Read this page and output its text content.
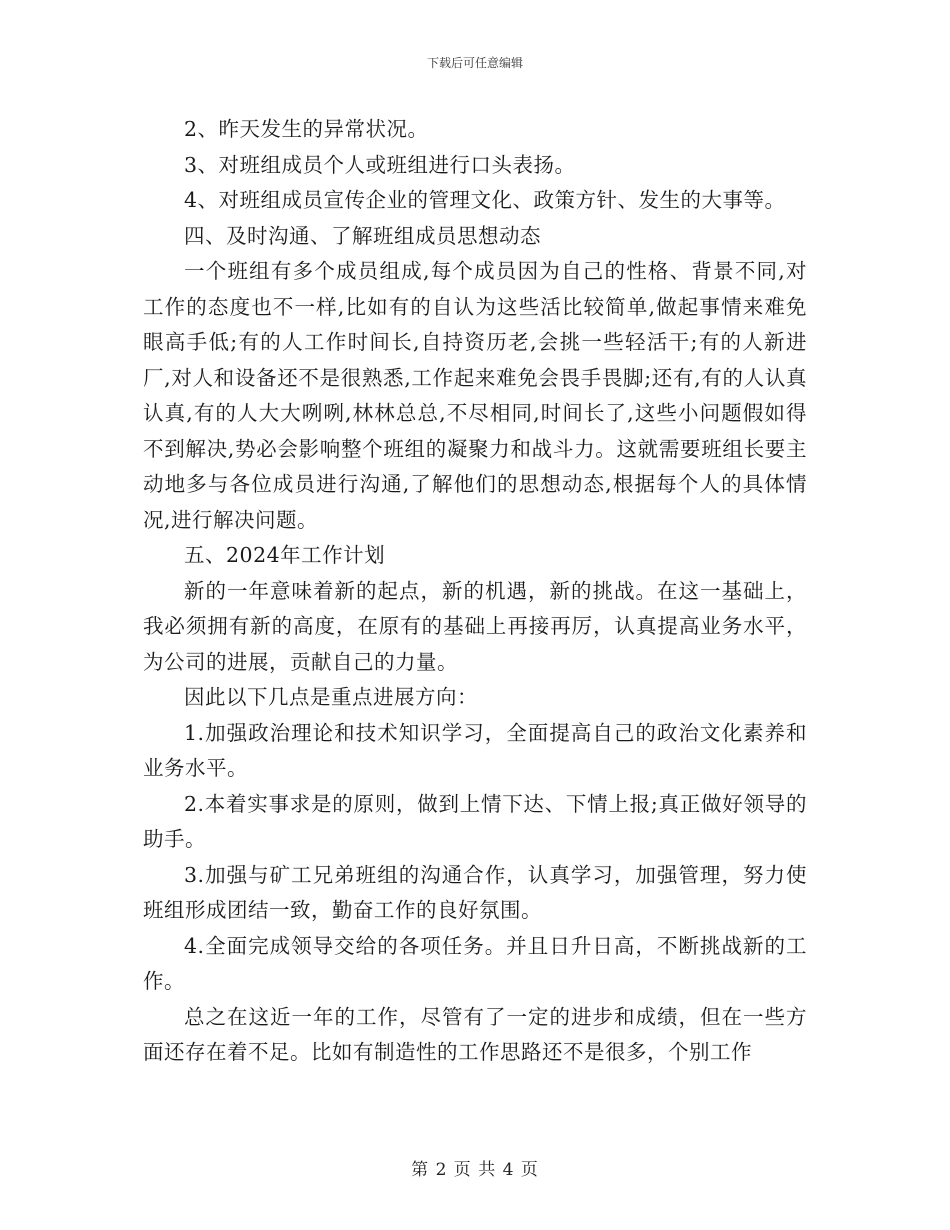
下载后可任意编辑

2、昨天发生的异常状况。

3、对班组成员个人或班组进行口头表扬。

4、对班组成员宣传企业的管理文化、政策方针、发生的大事等。

四、及时沟通、了解班组成员思想动态

一个班组有多个成员组成,每个成员因为自己的性格、背景不同,对工作的态度也不一样,比如有的自认为这些活比较简单,做起事情来难免眼高手低;有的人工作时间长,自持资历老,会挑一些轻活干;有的人新进厂,对人和设备还不是很熟悉,工作起来难免会畏手畏脚;还有,有的人认真认真,有的人大大咧咧,林林总总,不尽相同,时间长了,这些小问题假如得不到解决,势必会影响整个班组的凝聚力和战斗力。这就需要班组长要主动地多与各位成员进行沟通,了解他们的思想动态,根据每个人的具体情况,进行解决问题。

五、2024年工作计划

新的一年意味着新的起点，新的机遇，新的挑战。在这一基础上，我必须拥有新的高度，在原有的基础上再接再厉，认真提高业务水平，为公司的进展，贡献自己的力量。

因此以下几点是重点进展方向：

1.加强政治理论和技术知识学习，全面提高自己的政治文化素养和业务水平。

2.本着实事求是的原则，做到上情下达、下情上报;真正做好领导的助手。

3.加强与矿工兄弟班组的沟通合作，认真学习，加强管理，努力使班组形成团结一致，勤奋工作的良好氛围。

4.全面完成领导交给的各项任务。并且日升日高，不断挑战新的工作。

总之在这近一年的工作，尽管有了一定的进步和成绩，但在一些方面还存在着不足。比如有制造性的工作思路还不是很多，个别工作

第 2 页 共 4 页
